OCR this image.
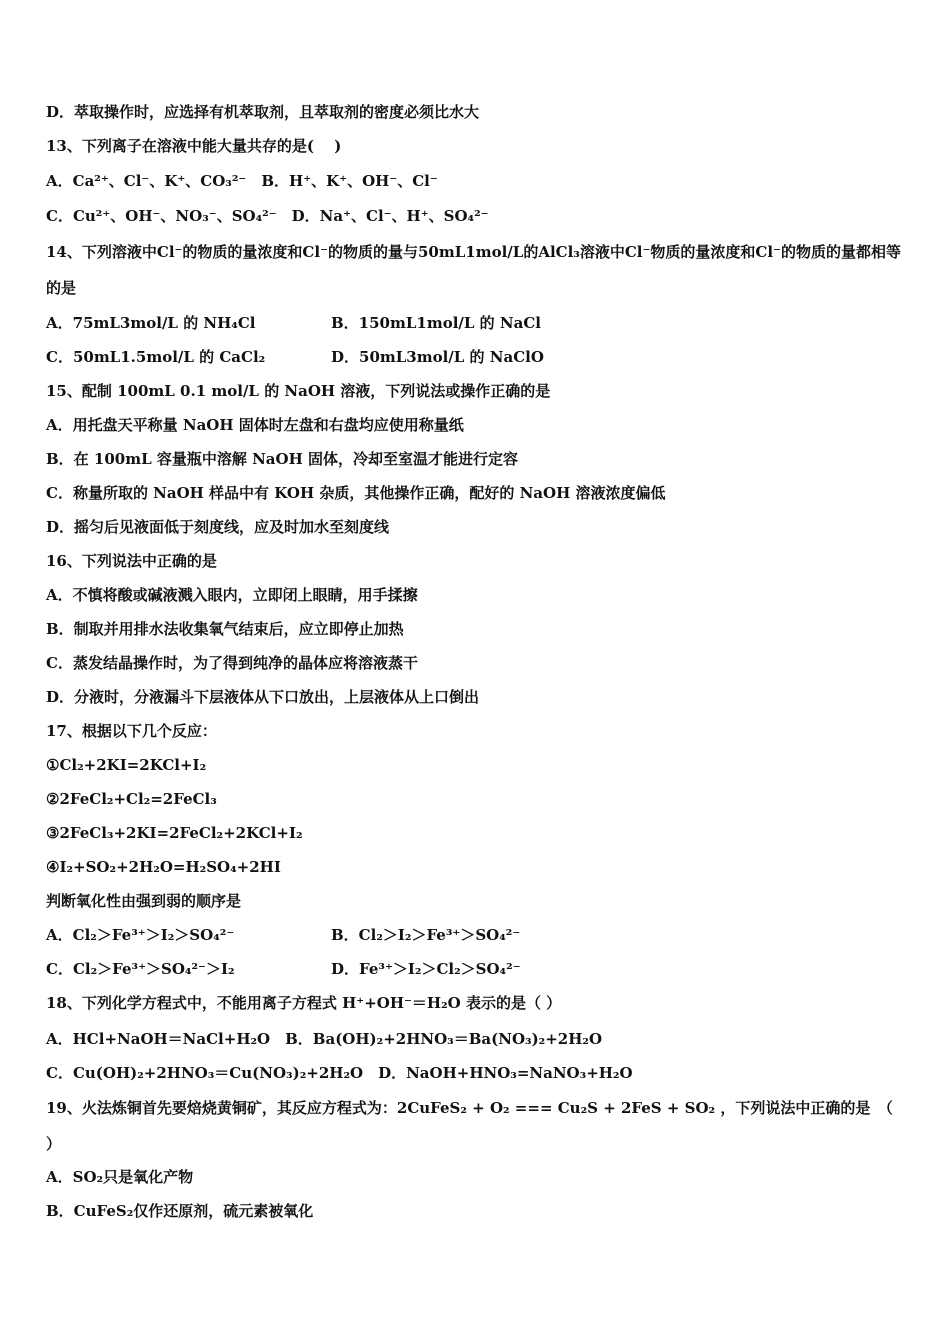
D．萃取操作时，应选择有机萃取剂，且萃取剂的密度必须比水大
13、下列离子在溶液中能大量共存的是(　 )
A．Ca²⁺、Cl⁻、K⁺、CO₃²⁻　B．H⁺、K⁺、OH⁻、Cl⁻
C．Cu²⁺、OH⁻、NO₃⁻、SO₄²⁻　D．Na⁺、Cl⁻、H⁺、SO₄²⁻
14、下列溶液中Cl⁻的物质的量浓度和Cl⁻的物质的量与50mL1mol/L的AlCl₃溶液中Cl⁻物质的量浓度和Cl⁻的物质的量都相等的是
A．75mL3mol/L 的 NH₄Cl	B．150mL1mol/L 的 NaCl
C．50mL1.5mol/L 的 CaCl₂	D．50mL3mol/L 的 NaClO
15、配制 100mL 0.1 mol/L 的 NaOH 溶液，下列说法或操作正确的是
A．用托盘天平称量 NaOH 固体时左盘和右盘均应使用称量纸
B．在 100mL 容量瓶中溶解 NaOH 固体，冷却至室温才能进行定容
C．称量所取的 NaOH 样品中有 KOH 杂质，其他操作正确，配好的 NaOH 溶液浓度偏低
D．摇匀后见液面低于刻度线，应及时加水至刻度线
16、下列说法中正确的是
A．不慎将酸或碱液溅入眼内，立即闭上眼睛，用手揉擦
B．制取并用排水法收集氧气结束后，应立即停止加热
C．蒸发结晶操作时，为了得到纯净的晶体应将溶液蒸干
D．分液时，分液漏斗下层液体从下口放出，上层液体从上口倒出
17、根据以下几个反应：
①Cl₂+2KI=2KCl+I₂
②2FeCl₂+Cl₂=2FeCl₃
③2FeCl₃+2KI=2FeCl₂+2KCl+I₂
④I₂+SO₂+2H₂O=H₂SO₄+2HI
判断氧化性由强到弱的顺序是
A．Cl₂＞Fe³⁺＞I₂＞SO₄²⁻	B．Cl₂＞I₂＞Fe³⁺＞SO₄²⁻
C．Cl₂＞Fe³⁺＞SO₄²⁻＞I₂	D．Fe³⁺＞I₂＞Cl₂＞SO₄²⁻
18、下列化学方程式中，不能用离子方程式 H⁺+OH⁻＝H₂O 表示的是（ ）
A．HCl+NaOH＝NaCl+H₂O　B．Ba(OH)₂+2HNO₃＝Ba(NO₃)₂+2H₂O
C．Cu(OH)₂+2HNO₃＝Cu(NO₃)₂+2H₂O　D．NaOH+HNO₃=NaNO₃+H₂O
19、火法炼铜首先要焙烧黄铜矿，其反应方程式为：2CuFeS₂ + O₂ === Cu₂S + 2FeS + SO₂ ，下列说法中正确的是　（　 ）
A．SO₂只是氧化产物
B．CuFeS₂仅作还原剂，硫元素被氧化
